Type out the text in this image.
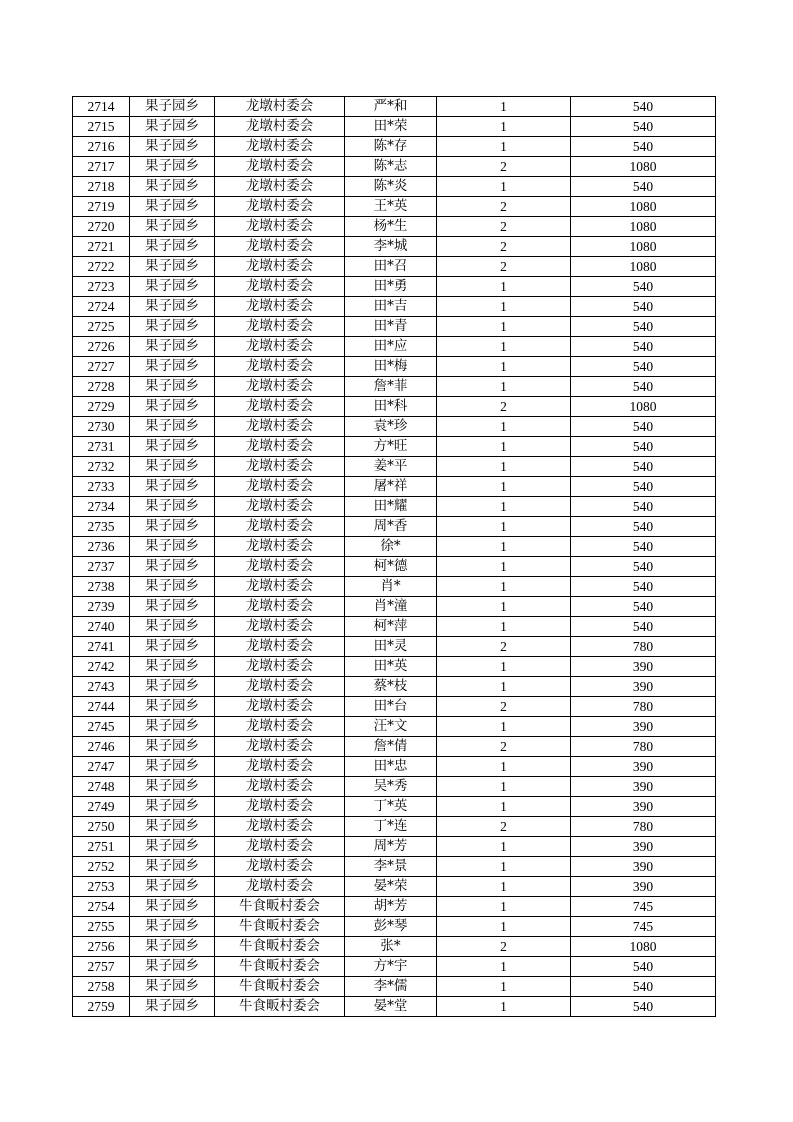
2714	果子园乡	龙墩村委会	严*和	1	540
2715	果子园乡	龙墩村委会	田*荣	1	540
2716	果子园乡	龙墩村委会	陈*存	1	540
2717	果子园乡	龙墩村委会	陈*志	2	1080
2718	果子园乡	龙墩村委会	陈*炎	1	540
2719	果子园乡	龙墩村委会	王*英	2	1080
2720	果子园乡	龙墩村委会	杨*生	2	1080
2721	果子园乡	龙墩村委会	李*城	2	1080
2722	果子园乡	龙墩村委会	田*召	2	1080
2723	果子园乡	龙墩村委会	田*勇	1	540
2724	果子园乡	龙墩村委会	田*吉	1	540
2725	果子园乡	龙墩村委会	田*青	1	540
2726	果子园乡	龙墩村委会	田*应	1	540
2727	果子园乡	龙墩村委会	田*梅	1	540
2728	果子园乡	龙墩村委会	詹*菲	1	540
2729	果子园乡	龙墩村委会	田*科	2	1080
2730	果子园乡	龙墩村委会	袁*珍	1	540
2731	果子园乡	龙墩村委会	方*旺	1	540
2732	果子园乡	龙墩村委会	姜*平	1	540
2733	果子园乡	龙墩村委会	屠*祥	1	540
2734	果子园乡	龙墩村委会	田*耀	1	540
2735	果子园乡	龙墩村委会	周*香	1	540
2736	果子园乡	龙墩村委会	徐*	1	540
2737	果子园乡	龙墩村委会	柯*德	1	540
2738	果子园乡	龙墩村委会	肖*	1	540
2739	果子园乡	龙墩村委会	肖*潼	1	540
2740	果子园乡	龙墩村委会	柯*萍	1	540
2741	果子园乡	龙墩村委会	田*灵	2	780
2742	果子园乡	龙墩村委会	田*英	1	390
2743	果子园乡	龙墩村委会	蔡*枝	1	390
2744	果子园乡	龙墩村委会	田*台	2	780
2745	果子园乡	龙墩村委会	汪*文	1	390
2746	果子园乡	龙墩村委会	詹*倩	2	780
2747	果子园乡	龙墩村委会	田*忠	1	390
2748	果子园乡	龙墩村委会	吴*秀	1	390
2749	果子园乡	龙墩村委会	丁*英	1	390
2750	果子园乡	龙墩村委会	丁*连	2	780
2751	果子园乡	龙墩村委会	周*芳	1	390
2752	果子园乡	龙墩村委会	李*景	1	390
2753	果子园乡	龙墩村委会	晏*荣	1	390
2754	果子园乡	牛食畈村委会	胡*芳	1	745
2755	果子园乡	牛食畈村委会	彭*琴	1	745
2756	果子园乡	牛食畈村委会	张*	2	1080
2757	果子园乡	牛食畈村委会	方*宇	1	540
2758	果子园乡	牛食畈村委会	李*儒	1	540
2759	果子园乡	牛食畈村委会	晏*堂	1	540
